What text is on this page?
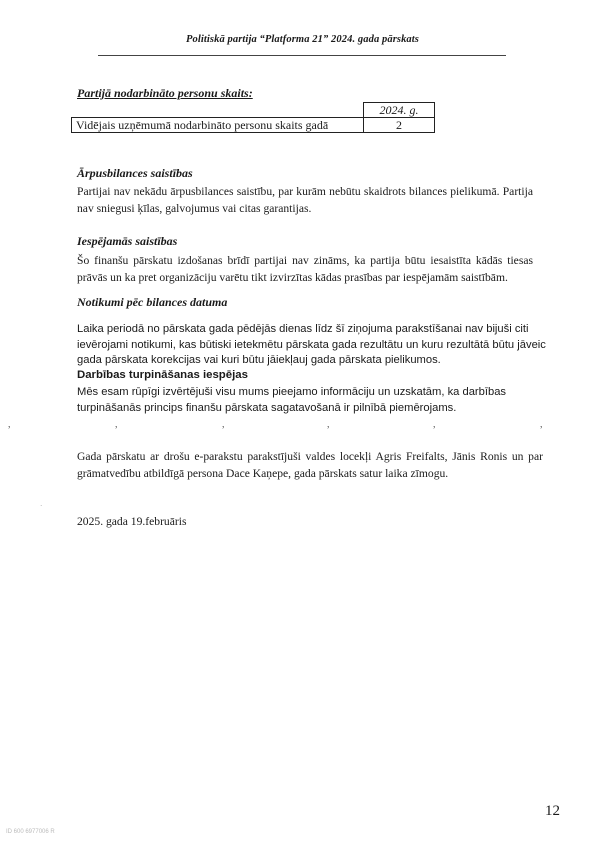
Politiskā partija “Platforma 21” 2024. gada pārskats
Partijā nodarbināto personu skaits:
	2024. g.
Vidējais uzņēmumā nodarbināto personu skaits gadā	2
Ārpusbilances saistības
Partijai nav nekādu ārpusbilances saistību, par kurām nebūtu skaidrots bilances pielikumā. Partija nav sniegusi ķīlas, galvojumus vai citas garantijas.
Iespējamās saistības
Šo finanšu pārskatu izdošanas brīdī partijai nav zināms, ka partija būtu iesaistīta kādās tiesas prāvās un ka pret organizāciju varētu tikt izvirzītas kādas prasības par iespējamām saistībām.
Notikumi pēc bilances datuma
Laika periodā no pārskata gada pēdējās dienas līdz šī ziņojuma parakstīšanai nav bijuši citi ievērojami notikumi, kas būtiski ietekmētu pārskata gada rezultātu un kuru rezultātā būtu jāveic gada pārskata korekcijas vai kuri būtu jāiekļauj gada pārskata pielikumos.
Darbības turpināšanas iespējas
Mēs esam rūpīgi izvērtējuši visu mums pieejamo informāciju un uzskatām, ka darbības turpināšanās princips finanšu pārskata sagatavošanā ir pilnībā piemērojams.
,	,	,	,	,	,
Gada pārskatu ar drošu e-parakstu parakstījuši valdes locekļi Agris Freifalts, Jānis Ronis un par grāmatvedību atbildīgā persona Dace Kaņepe, gada pārskats satur laika zīmogu.
·
2025. gada 19.februāris
12
ID 600 6977006 R
